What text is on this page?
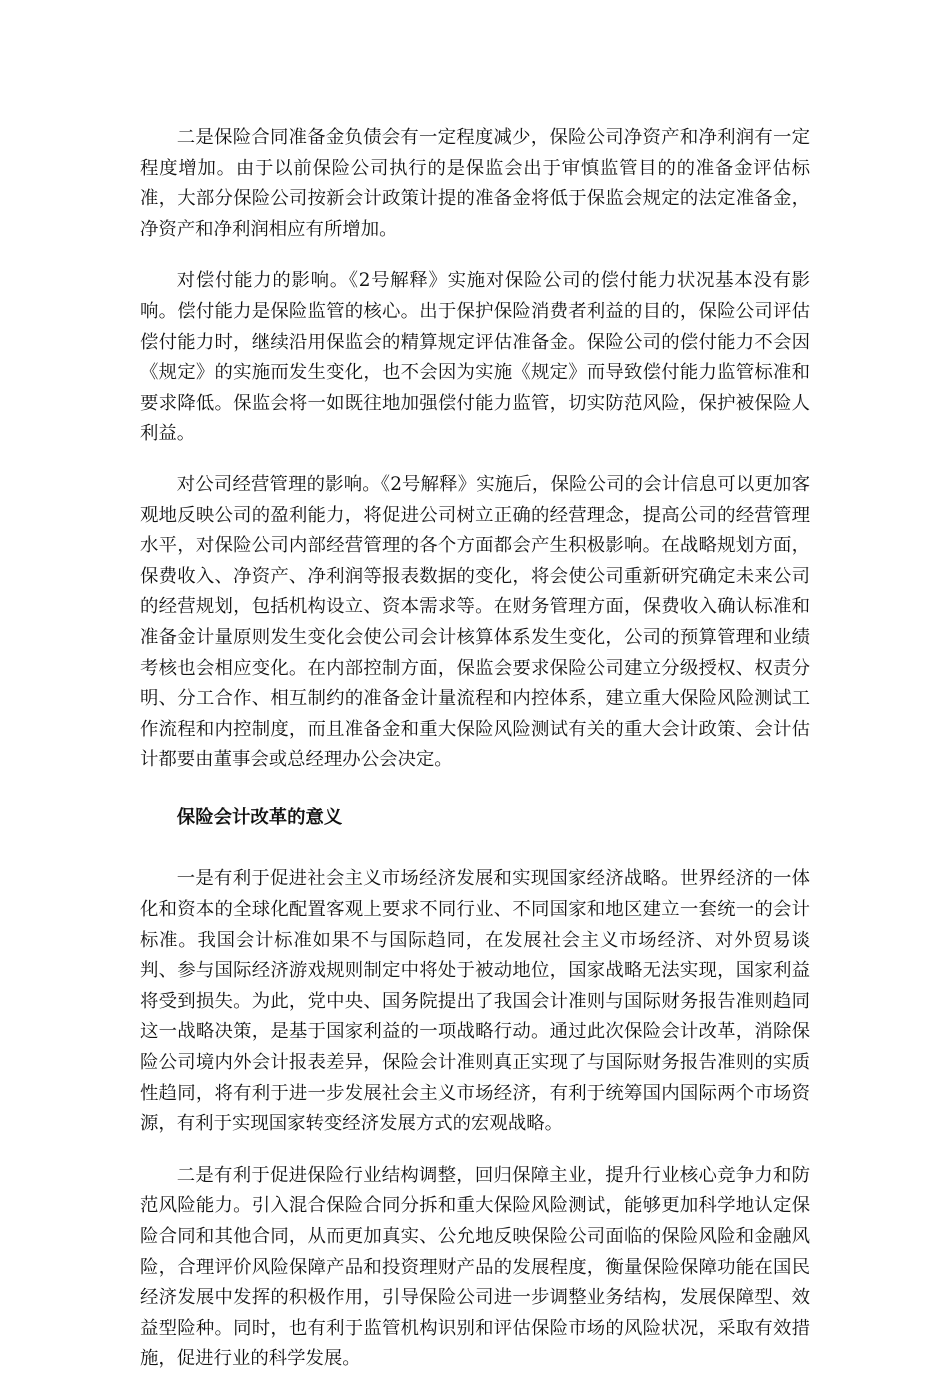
二是保险合同准备金负债会有一定程度减少，保险公司净资产和净利润有一定程度增加。由于以前保险公司执行的是保监会出于审慎监管目的的准备金评估标准，大部分保险公司按新会计政策计提的准备金将低于保监会规定的法定准备金，净资产和净利润相应有所增加。

对偿付能力的影响。《2号解释》实施对保险公司的偿付能力状况基本没有影响。偿付能力是保险监管的核心。出于保护保险消费者利益的目的，保险公司评估偿付能力时，继续沿用保监会的精算规定评估准备金。保险公司的偿付能力不会因《规定》的实施而发生变化，也不会因为实施《规定》而导致偿付能力监管标准和要求降低。保监会将一如既往地加强偿付能力监管，切实防范风险，保护被保险人利益。

对公司经营管理的影响。《2号解释》实施后，保险公司的会计信息可以更加客观地反映公司的盈利能力，将促进公司树立正确的经营理念，提高公司的经营管理水平，对保险公司内部经营管理的各个方面都会产生积极影响。在战略规划方面，保费收入、净资产、净利润等报表数据的变化，将会使公司重新研究确定未来公司的经营规划，包括机构设立、资本需求等。在财务管理方面，保费收入确认标准和准备金计量原则发生变化会使公司会计核算体系发生变化，公司的预算管理和业绩考核也会相应变化。在内部控制方面，保监会要求保险公司建立分级授权、权责分明、分工合作、相互制约的准备金计量流程和内控体系，建立重大保险风险测试工作流程和内控制度，而且准备金和重大保险风险测试有关的重大会计政策、会计估计都要由董事会或总经理办公会决定。

保险会计改革的意义

一是有利于促进社会主义市场经济发展和实现国家经济战略。世界经济的一体化和资本的全球化配置客观上要求不同行业、不同国家和地区建立一套统一的会计标准。我国会计标准如果不与国际趋同，在发展社会主义市场经济、对外贸易谈判、参与国际经济游戏规则制定中将处于被动地位，国家战略无法实现，国家利益将受到损失。为此，党中央、国务院提出了我国会计准则与国际财务报告准则趋同这一战略决策，是基于国家利益的一项战略行动。通过此次保险会计改革，消除保险公司境内外会计报表差异，保险会计准则真正实现了与国际财务报告准则的实质性趋同，将有利于进一步发展社会主义市场经济，有利于统筹国内国际两个市场资源，有利于实现国家转变经济发展方式的宏观战略。

二是有利于促进保险行业结构调整，回归保障主业，提升行业核心竞争力和防范风险能力。引入混合保险合同分拆和重大保险风险测试，能够更加科学地认定保险合同和其他合同，从而更加真实、公允地反映保险公司面临的保险风险和金融风险，合理评价风险保障产品和投资理财产品的发展程度，衡量保险保障功能在国民经济发展中发挥的积极作用，引导保险公司进一步调整业务结构，发展保障型、效益型险种。同时，也有利于监管机构识别和评估保险市场的风险状况，采取有效措施，促进行业的科学发展。
